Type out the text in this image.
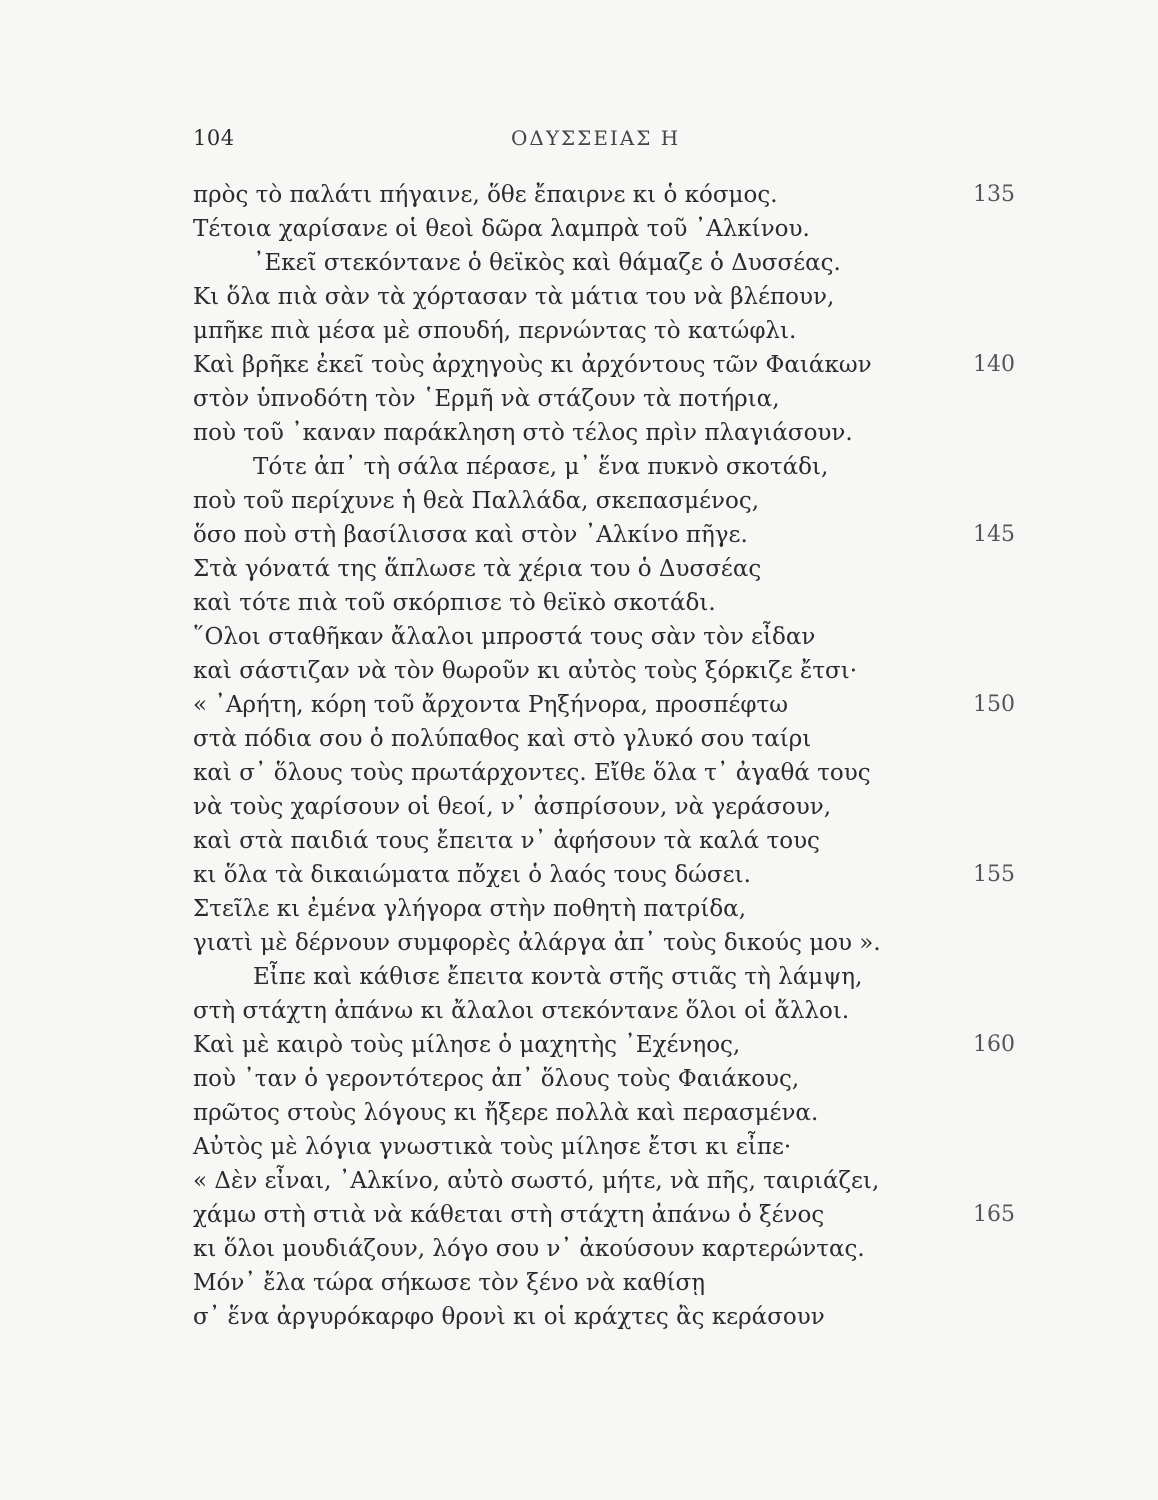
104	ΟΔΥΣΣΕΙΑΣ Η
πρὸς τὸ παλάτι πήγαινε, ὅθε ἔπαιρνε κι ὁ κόσμος.	135
Τέτοια χαρίσανε οἱ θεοὶ δῶρα λαμπρὰ τοῦ ᾽Αλκίνου.
᾽Εκεῖ στεκόντανε ὁ θεϊκὸς καὶ θάμαζε ὁ Δυσσέας.
Κι ὅλα πιὰ σὰν τὰ χόρτασαν τὰ μάτια του νὰ βλέπουν,
μπῆκε πιὰ μέσα μὲ σπουδή, περνώντας τὸ κατώφλι.
Καὶ βρῆκε ἐκεῖ τοὺς ἀρχηγοὺς κι ἀρχόντους τῶν Φαιάκων	140
στὸν ὑπνοδότη τὸν ῾Ερμῆ νὰ στάζουν τὰ ποτήρια,
ποὺ τοῦ ᾽καναν παράκληση στὸ τέλος πρὶν πλαγιάσουν.
Τότε ἀπ᾽ τὴ σάλα πέρασε, μ᾽ ἕνα πυκνὸ σκοτάδι,
ποὺ τοῦ περίχυνε ἡ θεὰ Παλλάδα, σκεπασμένος,
ὅσο ποὺ στὴ βασίλισσα καὶ στὸν ᾽Αλκίνο πῆγε.	145
Στὰ γόνατά της ἅπλωσε τὰ χέρια του ὁ Δυσσέας
καὶ τότε πιὰ τοῦ σκόρπισε τὸ θεϊκὸ σκοτάδι.
῞Ολοι σταθῆκαν ἄλαλοι μπροστά τους σὰν τὸν εἶδαν
καὶ σάστιζαν νὰ τὸν θωροῦν κι αὐτὸς τοὺς ξόρκιζε ἔτσι·
« ᾽Αρήτη, κόρη τοῦ ἄρχοντα Ρηξήνορα, προσπέφτω	150
στὰ πόδια σου ὁ πολύπαθος καὶ στὸ γλυκό σου ταίρι
καὶ σ᾽ ὅλους τοὺς πρωτάρχοντες. Εἴθε ὅλα τ᾽ ἀγαθά τους
νὰ τοὺς χαρίσουν οἱ θεοί, ν᾽ ἀσπρίσουν, νὰ γεράσουν,
καὶ στὰ παιδιά τους ἔπειτα ν᾽ ἀφήσουν τὰ καλά τους
κι ὅλα τὰ δικαιώματα πὄχει ὁ λαός τους δώσει.	155
Στεῖλε κι ἐμένα γλήγορα στὴν ποθητὴ πατρίδα,
γιατὶ μὲ δέρνουν συμφορὲς ἀλάργα ἀπ᾽ τοὺς δικούς μου ».
Εἶπε καὶ κάθισε ἔπειτα κοντὰ στῆς στιᾶς τὴ λάμψη,
στὴ στάχτη ἀπάνω κι ἄλαλοι στεκόντανε ὅλοι οἱ ἄλλοι.
Καὶ μὲ καιρὸ τοὺς μίλησε ὁ μαχητὴς ᾽Εχένηος,	160
ποὺ ᾽ταν ὁ γεροντότερος ἀπ᾽ ὅλους τοὺς Φαιάκους,
πρῶτος στοὺς λόγους κι ἤξερε πολλὰ καὶ περασμένα.
Αὐτὸς μὲ λόγια γνωστικὰ τοὺς μίλησε ἔτσι κι εἶπε·
« Δὲν εἶναι, ᾽Αλκίνο, αὐτὸ σωστό, μήτε, νὰ πῆς, ταιριάζει,
χάμω στὴ στιὰ νὰ κάθεται στὴ στάχτη ἀπάνω ὁ ξένος	165
κι ὅλοι μουδιάζουν, λόγο σου ν᾽ ἀκούσουν καρτερώντας.
Μόν᾽ ἔλα τώρα σήκωσε τὸν ξένο νὰ καθίσῃ
σ᾽ ἕνα ἀργυρόκαρφο θρονὶ κι οἱ κράχτες ἂς κεράσουν
